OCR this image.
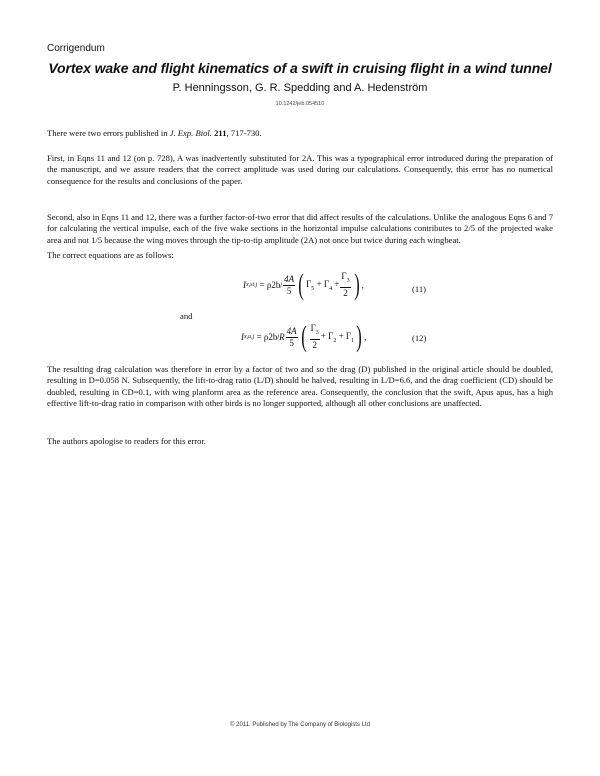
Corrigendum
Vortex wake and flight kinematics of a swift in cruising flight in a wind tunnel
P. Henningsson, G. R. Spedding and A. Hedenström
10.1242/jeb.054510
There were two errors published in J. Exp. Biol. 211, 717-730.
First, in Eqns 11 and 12 (on p. 728), A was inadvertently substituted for 2A. This was a typographical error introduced during the preparation of the manuscript, and we assure readers that the correct amplitude was used during our calculations. Consequently, this error has no numerical consequence for the results and conclusions of the paper.
Second, also in Eqns 11 and 12, there was a further factor-of-two error that did affect results of the calculations. Unlike the analogous Eqns 6 and 7 for calculating the vertical impulse, each of the five wake sections in the horizontal impulse calculations contributes to 2/5 of the projected wake area and not 1/5 because the wing moves through the tip-to-tip amplitude (2A) not once but twice during each wingbeat.
The correct equations are as follows:
I x,st,j
= ρ2b j $\frac{4A}{5}$ ( $\Gamma_5 + \Gamma_4 + \frac{\Gamma_3}{2}$ ) ,	(11)
and
I x,u,j
= ρ2b j R $\frac{4A}{5}$ ( $\frac{\Gamma_3}{2} + \Gamma_2 + \Gamma_1$ ) ,	(12)
The resulting drag calculation was therefore in error by a factor of two and so the drag (D) published in the original article should be doubled, resulting in D=0.058 N. Subsequently, the lift-to-drag ratio (L/D) should be halved, resulting in L/D=6.6, and the drag coefficient (CD) should be doubled, resulting in CD=0.1, with wing planform area as the reference area. Consequently, the conclusion that the swift, Apus apus, has a high effective lift-to-drag ratio in comparison with other birds is no longer supported, although all other conclusions are unaffected.
The authors apologise to readers for this error.
© 2011. Published by The Company of Biologists Ltd
